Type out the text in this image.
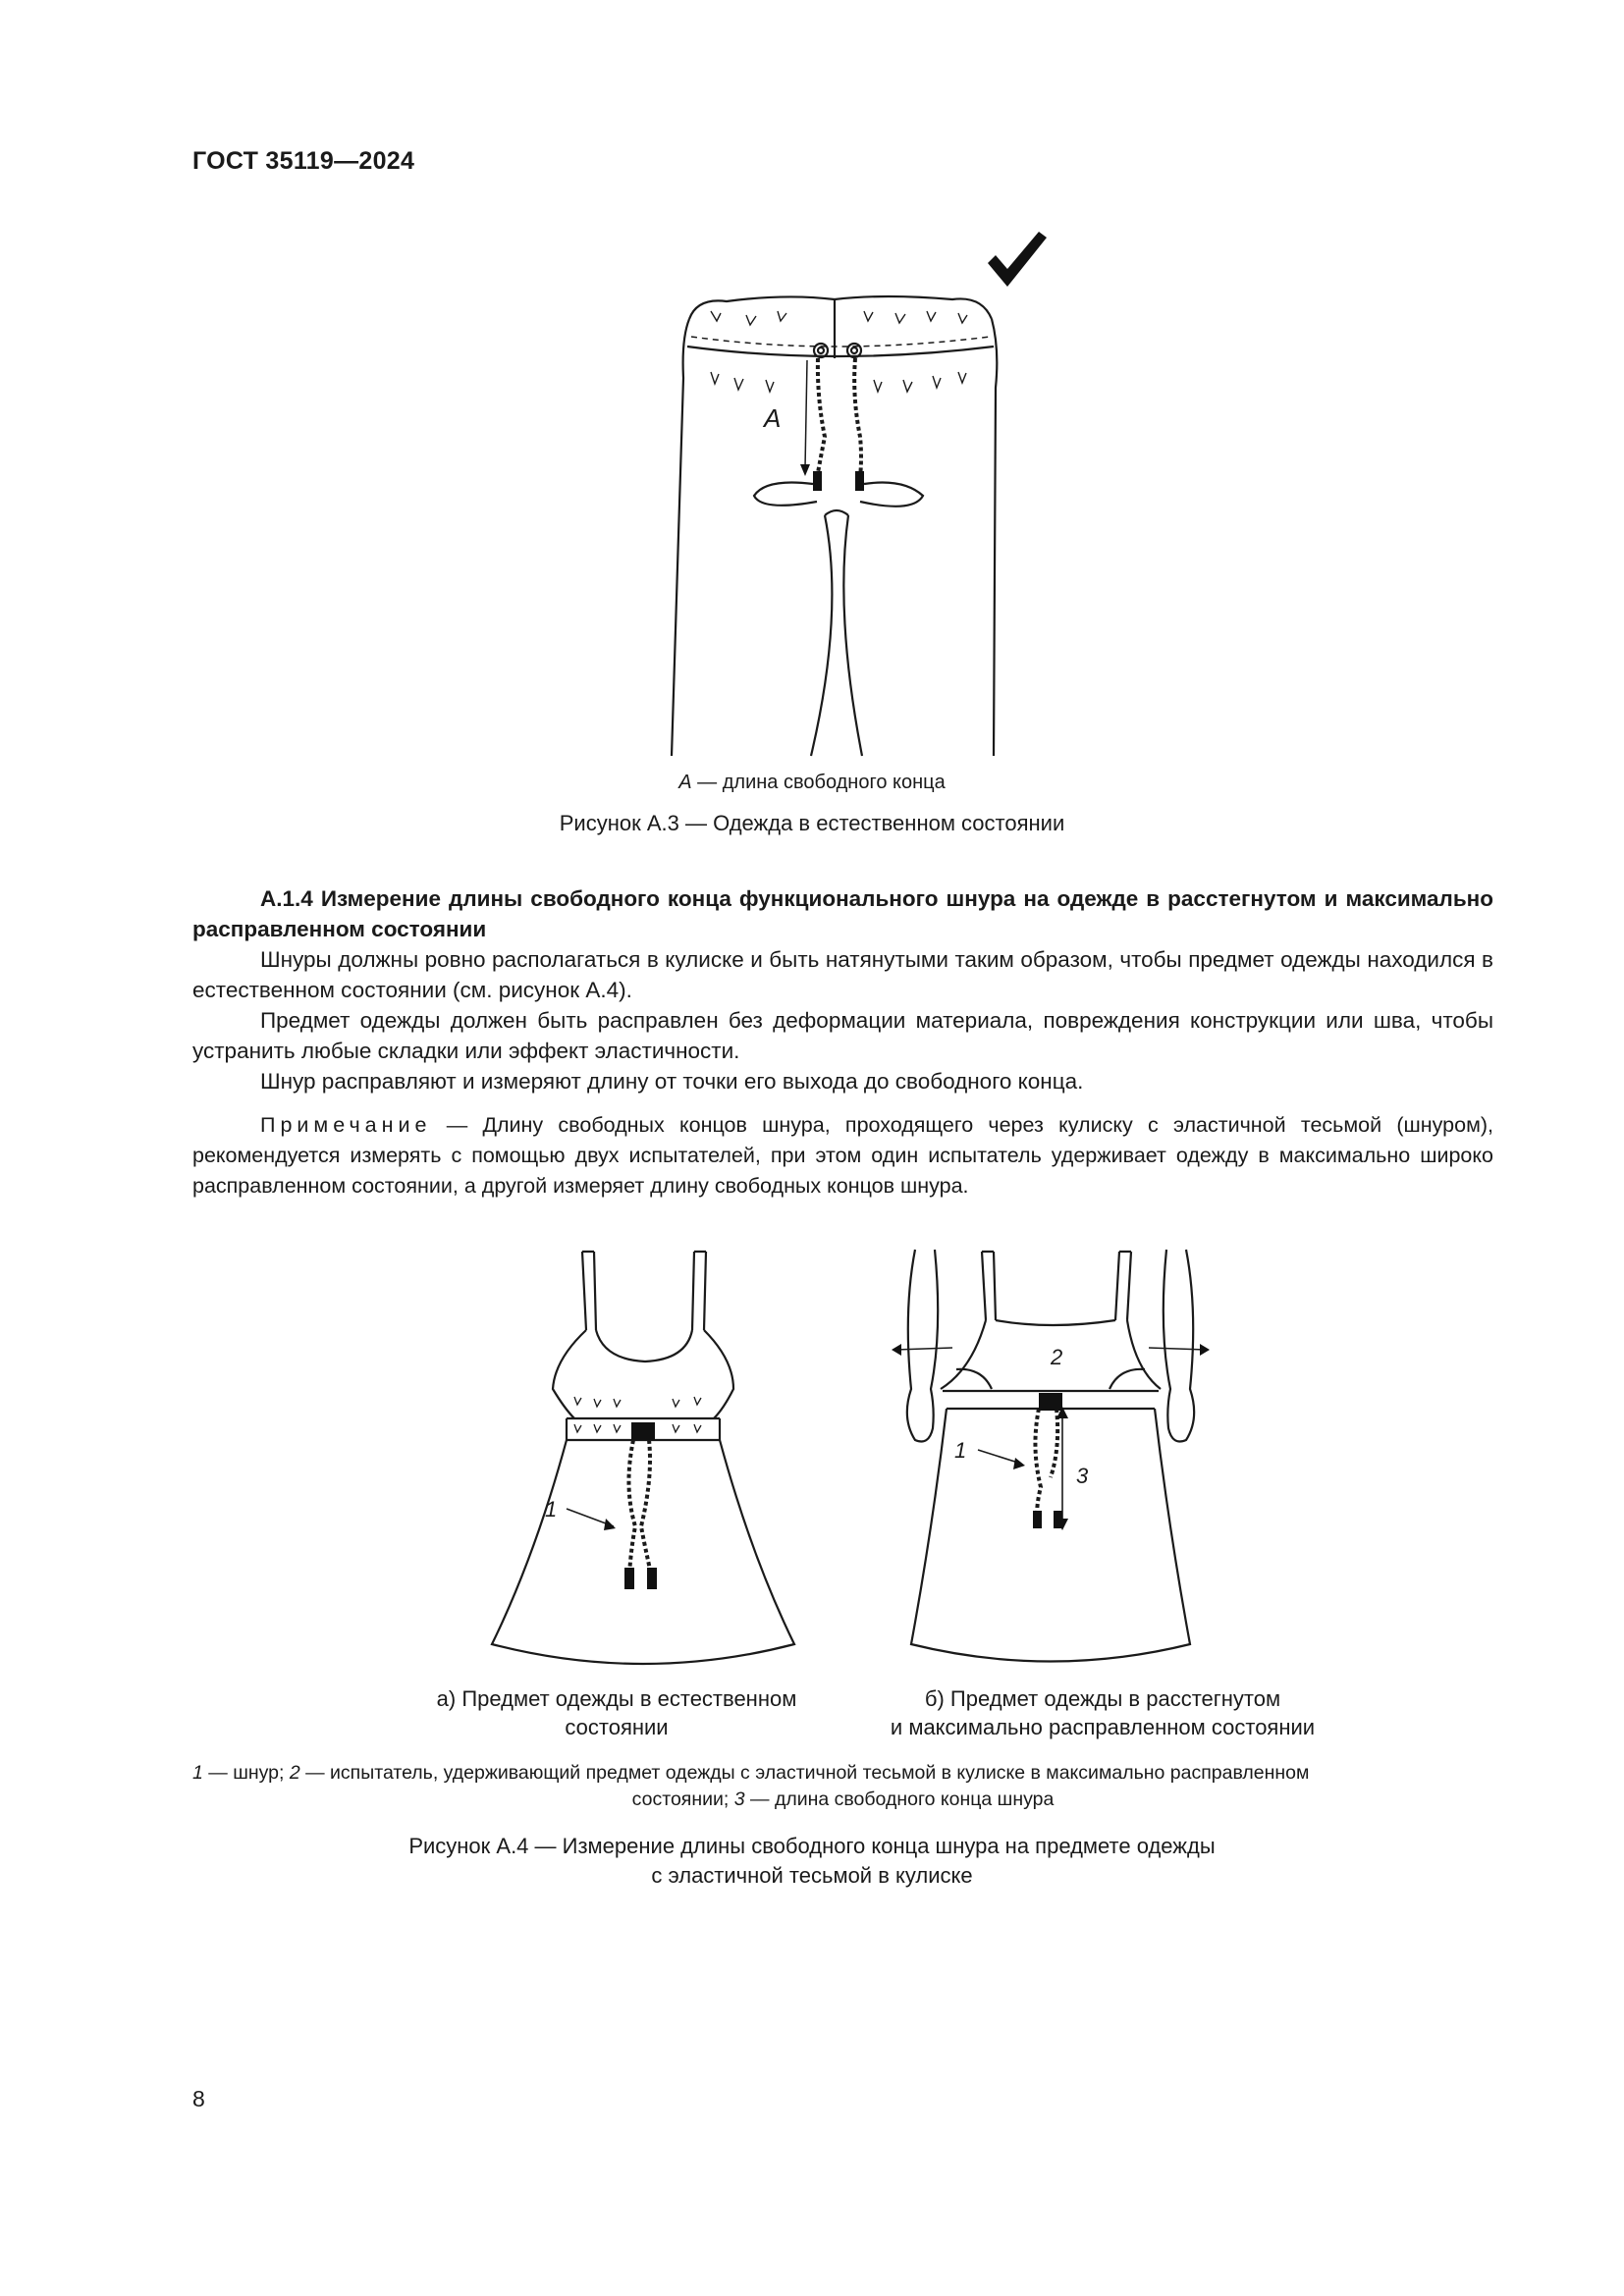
ГОСТ 35119—2024
A
A — длина свободного конца
Рисунок А.3 — Одежда в естественном состоянии

А.1.4 Измерение длины свободного конца функционального шнура на одежде в расстегнутом и максимально расправленном состоянии

Шнуры должны ровно располагаться в кулиске и быть натянутыми таким образом, чтобы предмет одежды находился в естественном состоянии (см. рисунок А.4).

Предмет одежды должен быть расправлен без деформации материала, повреждения конструкции или шва, чтобы устранить любые складки или эффект эластичности.

Шнур расправляют и измеряют длину от точки его выхода до свободного конца.

Примечание — Длину свободных концов шнура, проходящего через кулиску с эластичной тесьмой (шнуром), рекомендуется измерять с помощью двух испытателей, при этом один испытатель удерживает одежду в максимально широко расправленном состоянии, а другой измеряет длину свободных концов шнура.

1
2
1
3
а) Предмет одежды в естественном
состоянии
б) Предмет одежды в расстегнутом
и максимально расправленном состоянии
1 — шнур; 2 — испытатель, удерживающий предмет одежды с эластичной тесьмой в кулиске в максимально расправленном
состоянии; 3 — длина свободного конца шнура
Рисунок А.4 — Измерение длины свободного конца шнура на предмете одежды
с эластичной тесьмой в кулиске
8
